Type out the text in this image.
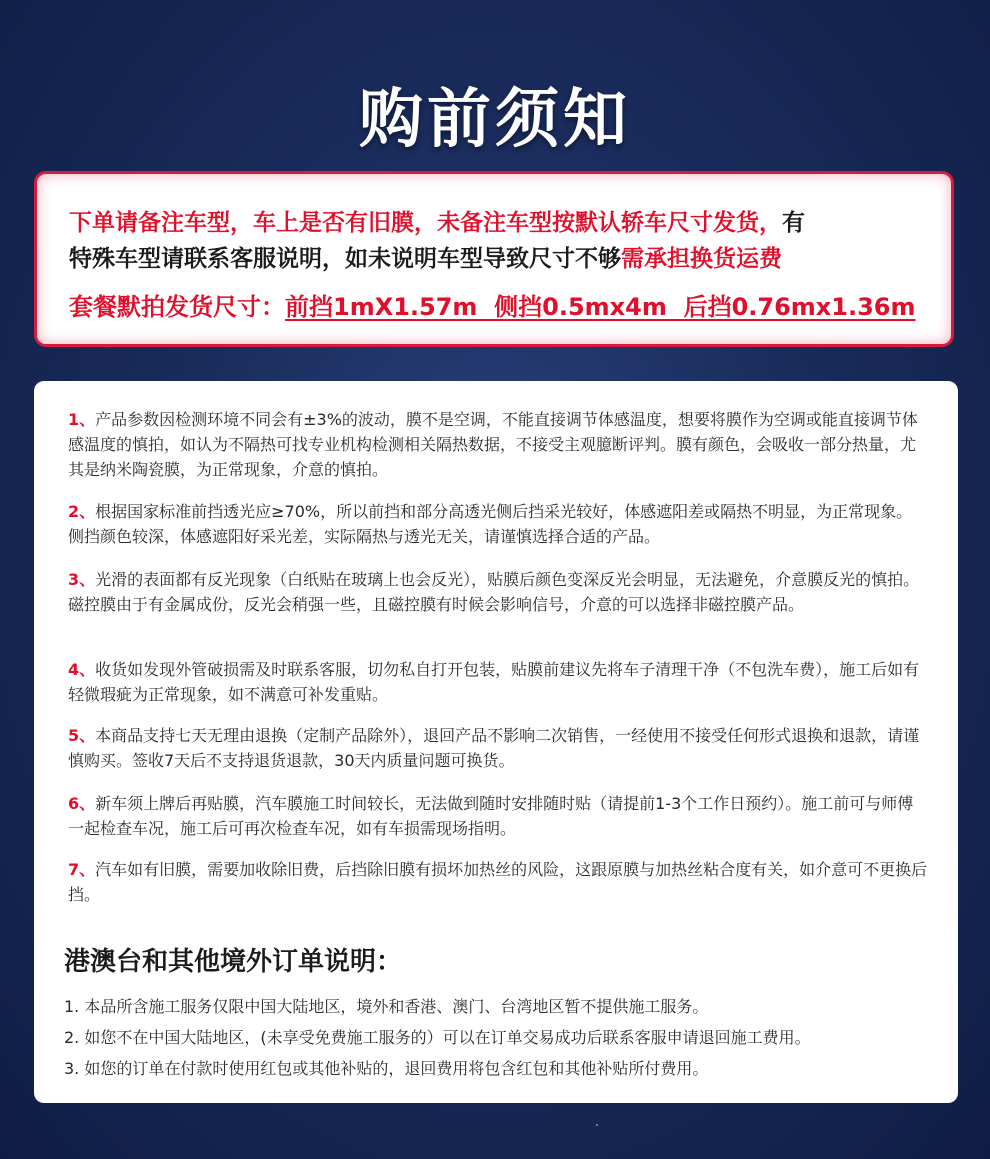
购前须知
下单请备注车型，车上是否有旧膜，未备注车型按默认轿车尺寸发货，有
特殊车型请联系客服说明，如未说明车型导致尺寸不够需承担换货运费
套餐默拍发货尺寸：前挡1mX1.57m  侧挡0.5mx4m  后挡0.76mx1.36m
1、产品参数因检测环境不同会有±3%的波动，膜不是空调，不能直接调节体感温度，想要将膜作为空调或能直接调节体感温度的慎拍，如认为不隔热可找专业机构检测相关隔热数据，不接受主观臆断评判。膜有颜色，会吸收一部分热量，尤其是纳米陶瓷膜，为正常现象，介意的慎拍。
2、根据国家标准前挡透光应≥70%，所以前挡和部分高透光侧后挡采光较好，体感遮阳差或隔热不明显，为正常现象。侧挡颜色较深，体感遮阳好采光差，实际隔热与透光无关，请谨慎选择合适的产品。
3、光滑的表面都有反光现象（白纸贴在玻璃上也会反光），贴膜后颜色变深反光会明显，无法避免，介意膜反光的慎拍。磁控膜由于有金属成份，反光会稍强一些，且磁控膜有时候会影响信号，介意的可以选择非磁控膜产品。
4、收货如发现外管破损需及时联系客服，切勿私自打开包装，贴膜前建议先将车子清理干净（不包洗车费），施工后如有轻微瑕疵为正常现象，如不满意可补发重贴。
5、本商品支持七天无理由退换（定制产品除外），退回产品不影响二次销售，一经使用不接受任何形式退换和退款，请谨慎购买。签收7天后不支持退货退款，30天内质量问题可换货。
6、新车须上牌后再贴膜，汽车膜施工时间较长，无法做到随时安排随时贴（请提前1-3个工作日预约）。施工前可与师傅一起检查车况，施工后可再次检查车况，如有车损需现场指明。
7、汽车如有旧膜，需要加收除旧费，后挡除旧膜有损坏加热丝的风险，这跟原膜与加热丝粘合度有关，如介意可不更换后挡。
港澳台和其他境外订单说明：
1. 本品所含施工服务仅限中国大陆地区，境外和香港、澳门、台湾地区暂不提供施工服务。
2. 如您不在中国大陆地区，(未享受免费施工服务的）可以在订单交易成功后联系客服申请退回施工费用。
3. 如您的订单在付款时使用红包或其他补贴的，退回费用将包含红包和其他补贴所付费用。
